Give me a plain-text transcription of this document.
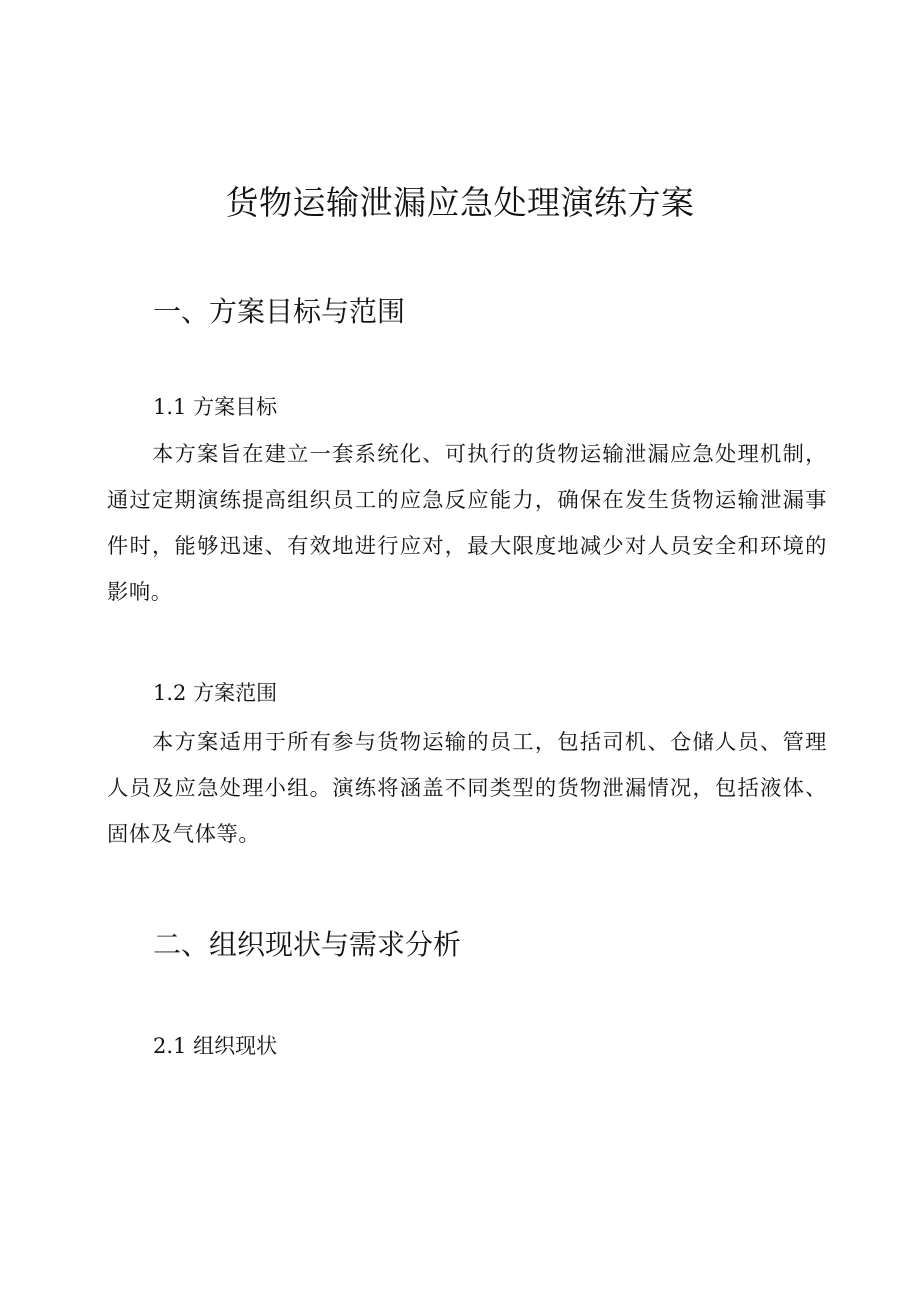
货物运输泄漏应急处理演练方案
一、方案目标与范围
1.1 方案目标

本方案旨在建立一套系统化、可执行的货物运输泄漏应急处理机制，通过定期演练提高组织员工的应急反应能力，确保在发生货物运输泄漏事件时，能够迅速、有效地进行应对，最大限度地减少对人员安全和环境的影响。

1.2 方案范围

本方案适用于所有参与货物运输的员工，包括司机、仓储人员、管理人员及应急处理小组。演练将涵盖不同类型的货物泄漏情况，包括液体、固体及气体等。

二、组织现状与需求分析
2.1 组织现状
